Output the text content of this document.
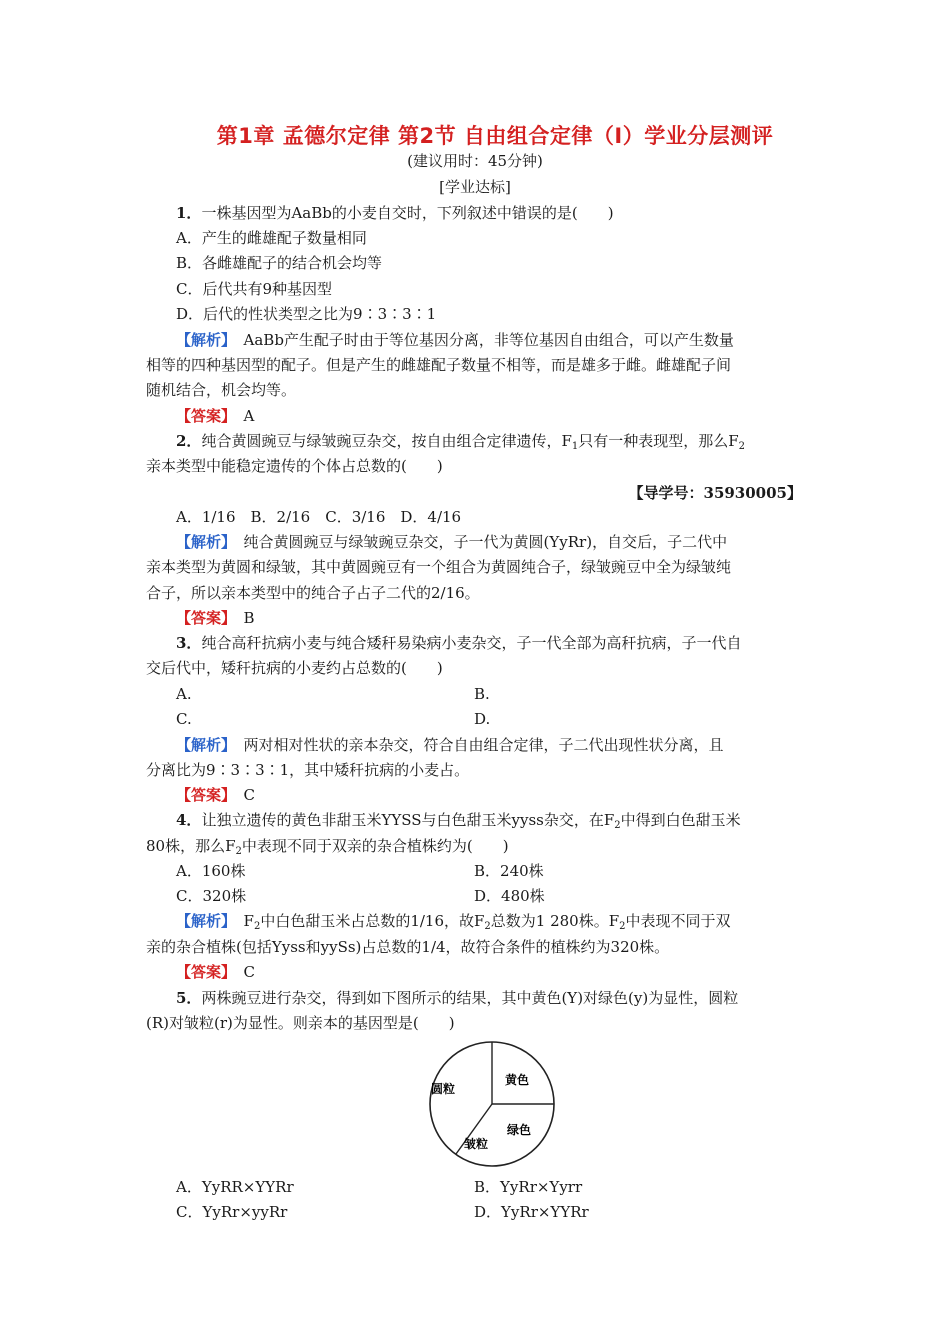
第1章 孟德尔定律 第2节 自由组合定律（Ⅰ）学业分层测评
(建议用时：45分钟)
[学业达标]
1．一株基因型为AaBb的小麦自交时，下列叙述中错误的是(　　)
A．产生的雌雄配子数量相同
B．各雌雄配子的结合机会均等
C．后代共有9种基因型
D．后代的性状类型之比为9∶3∶3∶1
【解析】　AaBb产生配子时由于等位基因分离，非等位基因自由组合，可以产生数量
相等的四种基因型的配子。但是产生的雌雄配子数量不相等，而是雄多于雌。雌雄配子间
随机结合，机会均等。
【答案】　A
2．纯合黄圆豌豆与绿皱豌豆杂交，按自由组合定律遗传，$F_1$只有一种表现型，那么$F_2$
亲本类型中能稳定遗传的个体占总数的(　　)
【导学号：35930005】
A．1/16　B．2/16　C．3/16　D．4/16
【解析】　纯合黄圆豌豆与绿皱豌豆杂交，子一代为黄圆(YyRr)，自交后，子二代中
亲本类型为黄圆和绿皱，其中黄圆豌豆有一个组合为黄圆纯合子，绿皱豌豆中全为绿皱纯
合子，所以亲本类型中的纯合子占子二代的2/16。
【答案】　B
3．纯合高秆抗病小麦与纯合矮秆易染病小麦杂交，子一代全部为高秆抗病，子一代自
交后代中，矮秆抗病的小麦约占总数的(　　)
A.	B.
C.	D.
【解析】　两对相对性状的亲本杂交，符合自由组合定律，子二代出现性状分离，且
分离比为9∶3∶3∶1，其中矮秆抗病的小麦占。
【答案】　C
4．让独立遗传的黄色非甜玉米YYSS与白色甜玉米yyss杂交，在$F_2$中得到白色甜玉米
80株，那么$F_2$中表现不同于双亲的杂合植株约为(　　)
A．160株	B．240株
C．320株	D．480株
【解析】　$F_2$中白色甜玉米占总数的1/16，故$F_2$总数为1 280株。$F_2$中表现不同于双
亲的杂合植株(包括Yyss和yySs)占总数的1/4，故符合条件的植株约为320株。
【答案】　C
5．两株豌豆进行杂交，得到如下图所示的结果，其中黄色(Y)对绿色(y)为显性，圆粒
(R)对皱粒(r)为显性。则亲本的基因型是(　　)
圆粒
黄色
绿色
皱粒
A．YyRR×YYRr	B．YyRr×Yyrr
C．YyRr×yyRr	D．YyRr×YYRr
